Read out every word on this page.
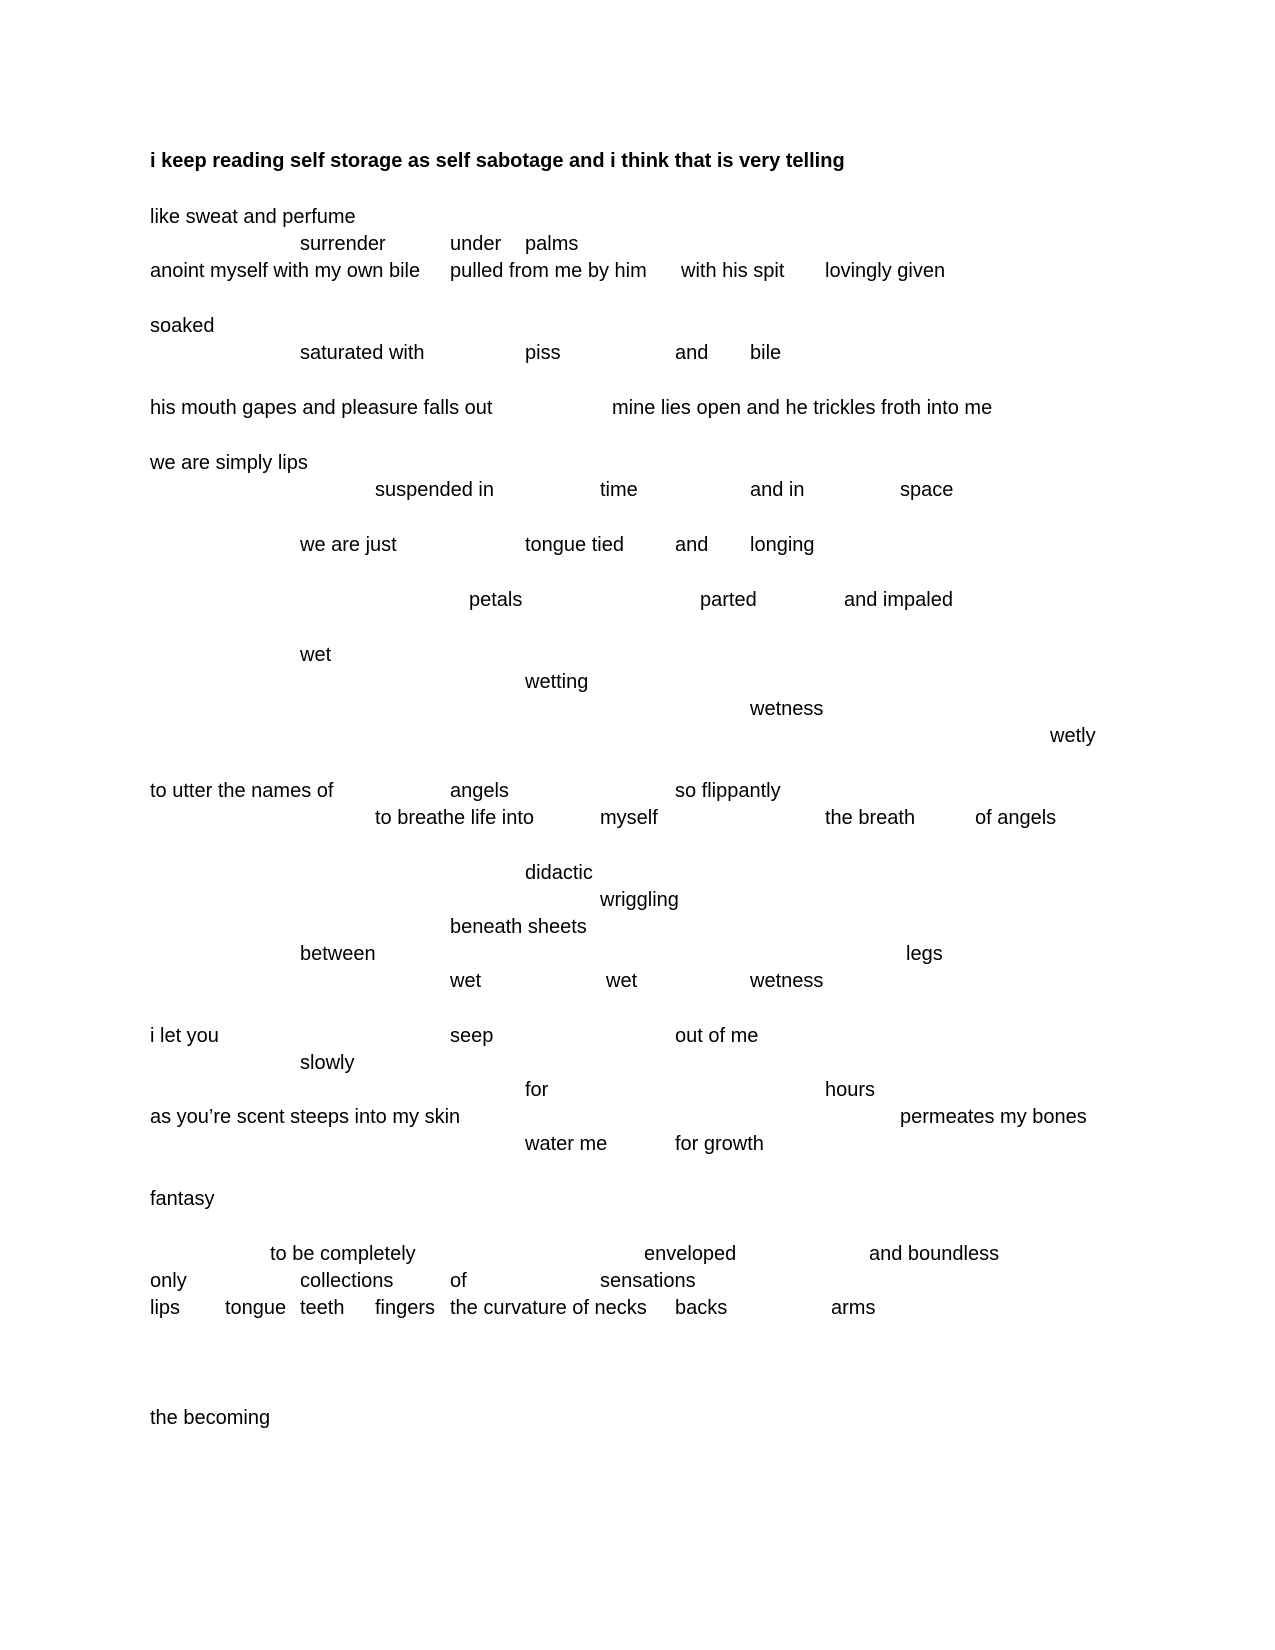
i keep reading self storage as self sabotage and i think that is very telling
like sweat and perfume
surrender	under palms
anoint myself with my own bile pulled from me by him with his spit lovingly given
soaked
saturated with	piss	and bile
his mouth gapes and pleasure falls out	mine lies open and he trickles froth into me
we are simply lips
suspended in	time	and in	space
we are just	tongue tied	and longing
petals	parted	and impaled
wet
wetting
wetness
wetly
to utter the names of	angels	so flippantly
to breathe life into	myself	the breath	of angels
didactic
wriggling
beneath sheets
between	legs
wet	wet	wetness
i let you	seep	out of me
slowly
for	hours
as you’re scent steeps into my skin	permeates my bones
water me	for growth
fantasy
to be completely	enveloped	and boundless
only	collections	of	sensations
lips tongue teeth fingers the curvature of necks backs	arms
the becoming
